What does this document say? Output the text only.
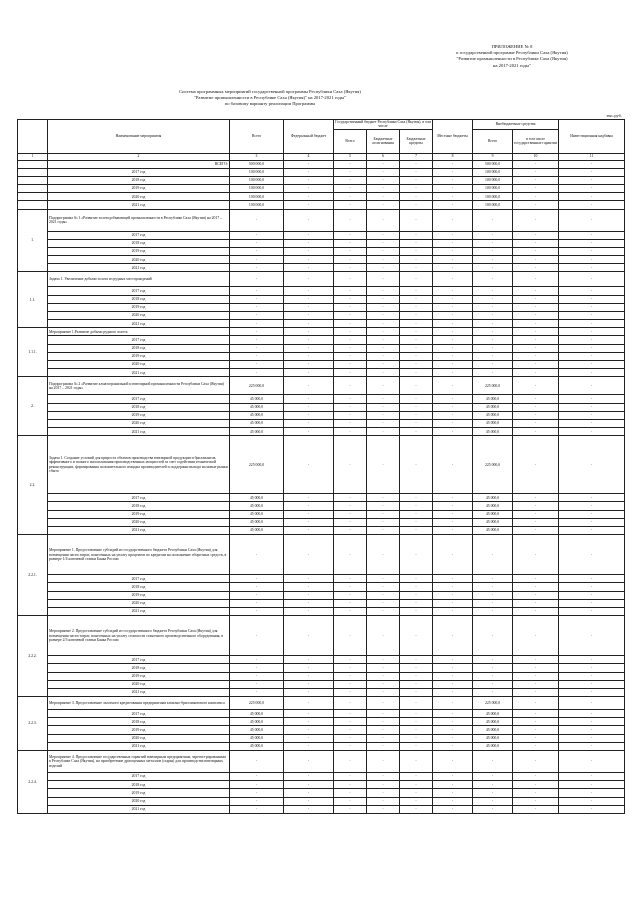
ПРИЛОЖЕНИЕ № 8
к государственной программе Республики Саха (Якутия)
"Развитие промышленности в Республике Саха (Якутия)
на 2017-2021 годы"
Система программных мероприятий государственной программы Республики Саха (Якутия)
"Развитие промышленности в Республике Саха (Якутия)" на 2017-2021 годы"
по базовому варианту реализации Программы
тыс.руб.
	Наименование мероприятия	Всего	Федеральный бюджет	Государственный бюджет Республики Саха (Якутия), в том числе			Местные бюджеты	Внебюджетные средства		Инвестиционная надбавка
				Всего	Бюджетные ассигнования	Бюджетные кредиты		Всего	в том числе государственные гарантии	

1	2	3	4	5	6	7	8	9	10	11
	ВСЕГО:	500 000,0	-	-	-	-	-	500 000,0	-	-
	2017 год	100 000,0	-	-	-	-	-	100 000,0	-	-
	2018 год	100 000,0	-	-	-	-	-	100 000,0	-	-
	2019 год	100 000,0	-	-	-	-	-	100 000,0	-	-
	2020 год	100 000,0	-	-	-	-	-	100 000,0	-	-
	2021 год	100 000,0	-	-	-	-	-	100 000,0	-	-
1.	Подпрограмма № 1 «Развитие золотодобывающей промышленности в Республике Саха (Якутия) на 2017 – 2021 годы»	-	-	-	-	-	-	-	-	-
	2017 год	-	-	-	-	-	-	-	-	-
	2018 год	-	-	-	-	-	-	-	-	-
	2019 год	-	-	-	-	-	-	-	-	-
	2020 год	-	-	-	-	-	-	-	-	-
	2021 год	-	-	-	-	-	-	-	-	-
1.1.	Задача 1. Увеличение добычи золота из рудных месторождений	-	-	-	-	-	-	-	-	-
	2017 год	-	-	-	-	-	-	-	-	-
	2018 год	-	-	-	-	-	-	-	-	-
	2019 год	-	-	-	-	-	-	-	-	-
	2020 год	-	-	-	-	-	-	-	-	-
	2021 год	-	-	-	-	-	-	-	-	-
1.1.1.	Мероприятие 1.Развитие добычи рудного золота	-	-	-	-	-	-	-	-	-
	2017 год	-	-	-	-	-	-	-	-	-
	2018 год	-	-	-	-	-	-	-	-	-
	2019 год	-	-	-	-	-	-	-	-	-
	2020 год	-	-	-	-	-	-	-	-	-
	2021 год	-	-	-	-	-	-	-	-	-
2.	Подпрограмма № 2 «Развитие алмазогранильной и ювелирной промышленности Республики Саха (Якутия) на 2017 – 2021 годы»	225 000,0	-	-	-	-	-	225 000,0	-	-
	2017 год	45 000,0	-	-	-	-	-	45 000,0	-	-
	2018 год	45 000,0	-	-	-	-	-	45 000,0	-	-
	2019 год	45 000,0	-	-	-	-	-	45 000,0	-	-
	2020 год	45 000,0	-	-	-	-	-	45 000,0	-	-
	2021 год	45 000,0	-	-	-	-	-	45 000,0	-	-
2.2.	Задача 1. Создание условий для прироста объемов производства ювелирной продукции и бриллиантов, эффективного и полного использования производственных мощностей за счет содействия технической реконструкции, формирования положительного имиджа производителей и поддержки выхода на новые рынки сбыта	225 000,0	-	-	-	-	-	225 000,0	-	-
	2017 год	45 000,0	-	-	-	-	-	45 000,0	-	-
	2018 год	45 000,0	-	-	-	-	-	45 000,0	-	-
	2019 год	45 000,0	-	-	-	-	-	45 000,0	-	-
	2020 год	45 000,0	-	-	-	-	-	45 000,0	-	-
	2021 год	45 000,0	-	-	-	-	-	45 000,0	-	-
2.2.1.	Мероприятие 1. Предоставление субсидий из государственного бюджета Республики Саха (Якутия) для возмещения части затрат, понесенных на уплату процентов по кредитам на пополнение оборотных средств, в размере 1/4 ключевой ставки Банка России	-	-	-	-	-	-	-	-	-
	2017 год	-	-	-	-	-	-	-	-	-
	2018 год	-	-	-	-	-	-	-	-	-
	2019 год	-	-	-	-	-	-	-	-	-
	2020 год	-	-	-	-	-	-	-	-	-
	2021 год	-	-	-	-	-	-	-	-	-
2.2.2.	Мероприятие 2. Предоставление субсидий из государственного бюджета Республики Саха (Якутия) для возмещения части затрат, понесенных на уплату стоимости станочного производственного оборудования, в размере 2/3 ключевой ставки Банка России	-	-	-	-	-	-	-	-	-
	2017 год	-	-	-	-	-	-	-	-	-
	2018 год	-	-	-	-	-	-	-	-	-
	2019 год	-	-	-	-	-	-	-	-	-
	2020 год	-	-	-	-	-	-	-	-	-
	2021 год	-	-	-	-	-	-	-	-	-
2.2.3.	Мероприятие 3. Предоставление льготного кредитования предприятиям алмазно-бриллиантового комплекса	225 000,0	-	-	-	-	-	225 000,0	-	-
	2017 год	45 000,0	-	-	-	-	-	45 000,0	-	-
	2018 год	45 000,0	-	-	-	-	-	45 000,0	-	-
	2019 год	45 000,0	-	-	-	-	-	45 000,0	-	-
	2020 год	45 000,0	-	-	-	-	-	45 000,0	-	-
	2021 год	45 000,0	-	-	-	-	-	45 000,0	-	-
2.2.4.	Мероприятие 4. Предоставление государственных гарантий ювелирным предприятиям, зарегистрированным в Республике Саха (Якутия), на приобретение драгоценных металлов (сырья) для производства ювелирных изделий	-	-	-	-	-	-	-	-	-
	2017 год	-	-	-	-	-	-	-	-	-
	2018 год	-	-	-	-	-	-	-	-	-
	2019 год	-	-	-	-	-	-	-	-	-
	2020 год	-	-	-	-	-	-	-	-	-
	2021 год	-	-	-	-	-	-	-	-	-
